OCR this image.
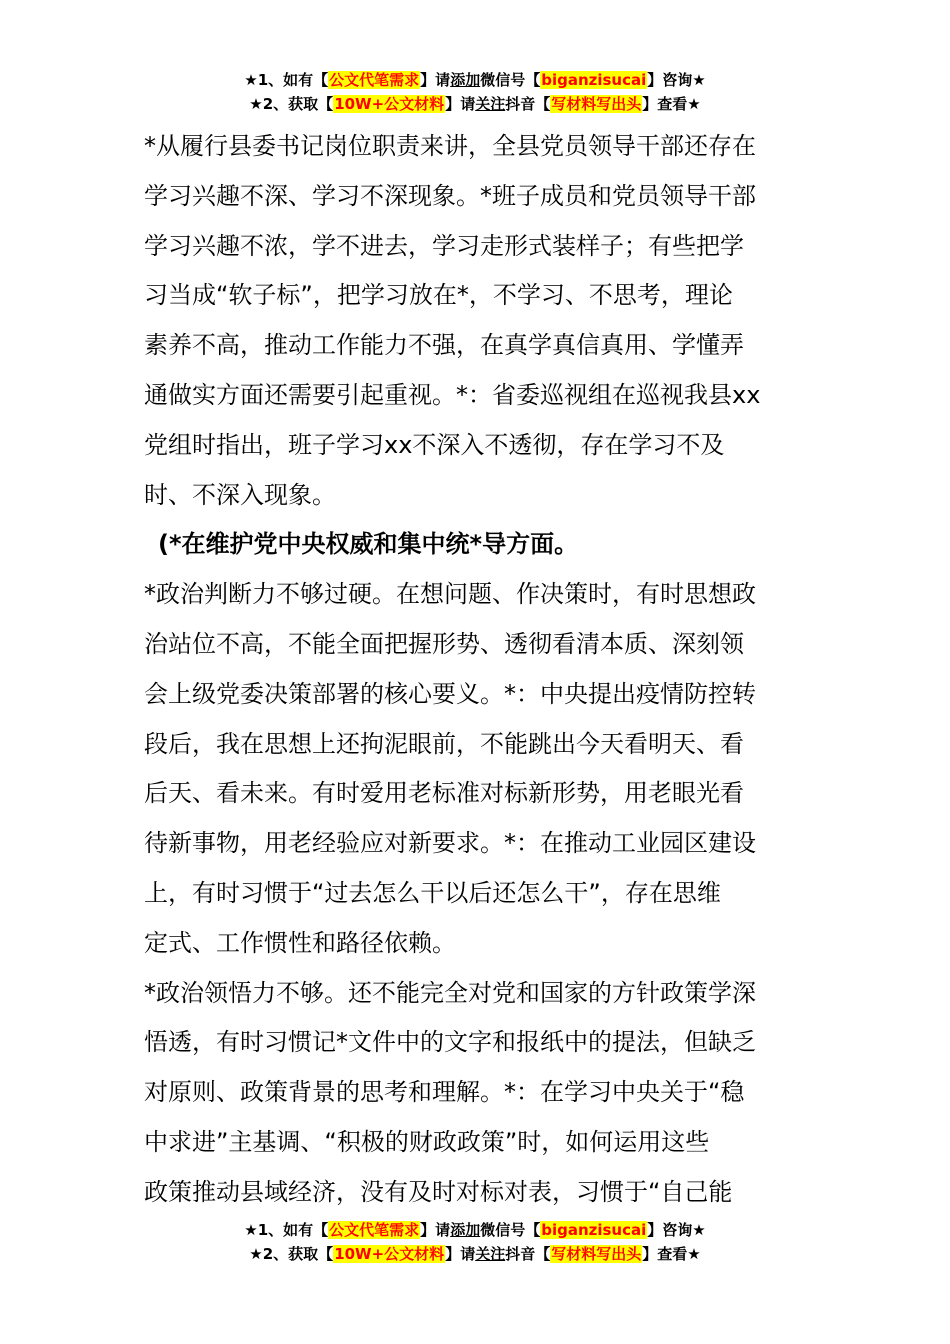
★1、如有【公文代笔需求】请添加微信号【biganzisucai】咨询★
★2、获取【10W+公文材料】请关注抖音【写材料写出头】查看★

*从履行县委书记岗位职责来讲，全县党员领导干部还存在

学习兴趣不深、学习不深现象。*班子成员和党员领导干部

学习兴趣不浓，学不进去，学习走形式装样子；有些把学

习当成“软子标”，把学习放在*，不学习、不思考，理论

素养不高，推动工作能力不强，在真学真信真用、学懂弄

通做实方面还需要引起重视。*：省委巡视组在巡视我县xx

党组时指出，班子学习xx不深入不透彻，存在学习不及

时、不深入现象。

(*在维护党中央权威和集中统*导方面。

*政治判断力不够过硬。在想问题、作决策时，有时思想政

治站位不高，不能全面把握形势、透彻看清本质、深刻领

会上级党委决策部署的核心要义。*：中央提出疫情防控转

段后，我在思想上还拘泥眼前，不能跳出今天看明天、看

后天、看未来。有时爱用老标准对标新形势，用老眼光看

待新事物，用老经验应对新要求。*：在推动工业园区建设

上，有时习惯于“过去怎么干以后还怎么干”，存在思维

定式、工作惯性和路径依赖。

*政治领悟力不够。还不能完全对党和国家的方针政策学深

悟透，有时习惯记*文件中的文字和报纸中的提法，但缺乏

对原则、政策背景的思考和理解。*：在学习中央关于“稳

中求进”主基调、“积极的财政政策”时，如何运用这些

政策推动县域经济，没有及时对标对表，习惯于“自己能

★1、如有【公文代笔需求】请添加微信号【biganzisucai】咨询★
★2、获取【10W+公文材料】请关注抖音【写材料写出头】查看★
